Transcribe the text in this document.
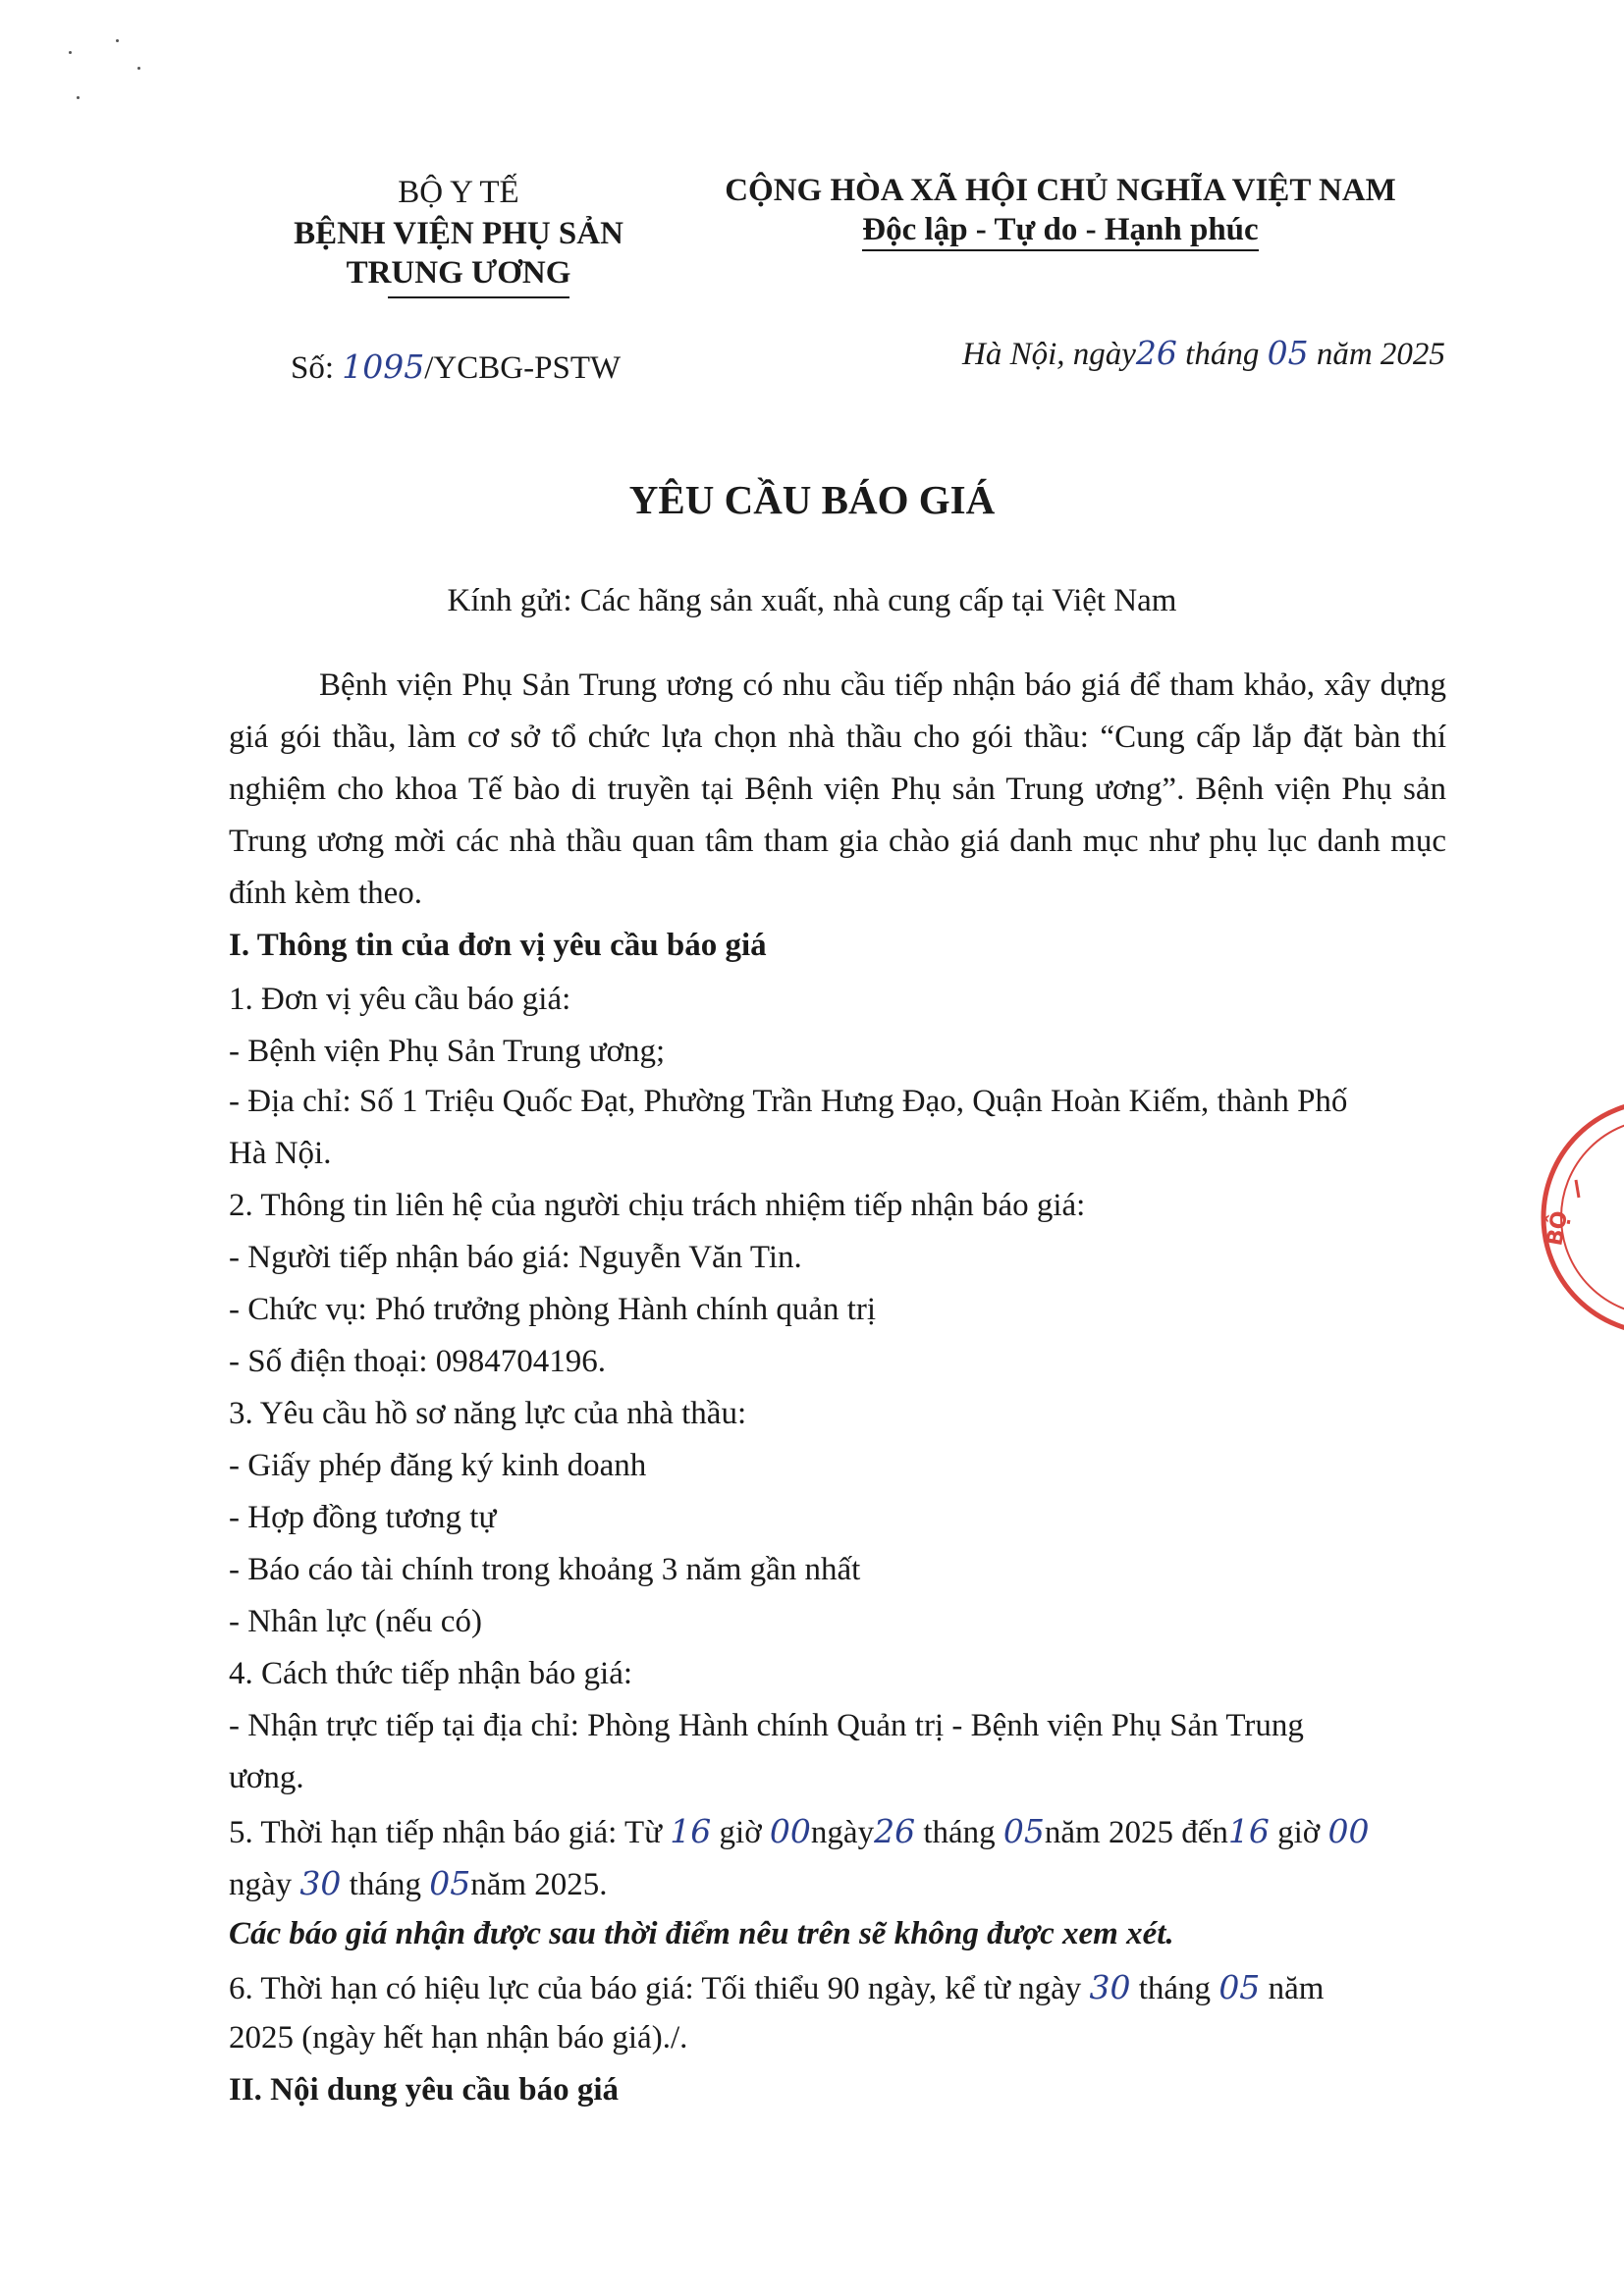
BỘ Y TẾ
BỆNH VIỆN PHỤ SẢN
TRUNG ƯƠNG
CỘNG HÒA XÃ HỘI CHỦ NGHĨA VIỆT NAM
Độc lập - Tự do - Hạnh phúc
Số: 1095/YCBG-PSTW	Hà Nội, ngày26 tháng 05 năm 2025
YÊU CẦU BÁO GIÁ
Kính gửi: Các hãng sản xuất, nhà cung cấp tại Việt Nam
Bệnh viện Phụ Sản Trung ương có nhu cầu tiếp nhận báo giá để tham khảo, xây dựng giá gói thầu, làm cơ sở tổ chức lựa chọn nhà thầu cho gói thầu: “Cung cấp lắp đặt bàn thí nghiệm cho khoa Tế bào di truyền tại Bệnh viện Phụ sản Trung ương”. Bệnh viện Phụ sản Trung ương mời các nhà thầu quan tâm tham gia chào giá danh mục như phụ lục danh mục đính kèm theo.
I. Thông tin của đơn vị yêu cầu báo giá
1. Đơn vị yêu cầu báo giá:
- Bệnh viện Phụ Sản Trung ương;
- Địa chỉ: Số 1 Triệu Quốc Đạt, Phường Trần Hưng Đạo, Quận Hoàn Kiếm, thành Phố
Hà Nội.
2. Thông tin liên hệ của người chịu trách nhiệm tiếp nhận báo giá:
- Người tiếp nhận báo giá: Nguyễn Văn Tin.
- Chức vụ: Phó trưởng phòng Hành chính quản trị
- Số điện thoại: 0984704196.
3. Yêu cầu hồ sơ năng lực của nhà thầu:
- Giấy phép đăng ký kinh doanh
- Hợp đồng tương tự
- Báo cáo tài chính trong khoảng 3 năm gần nhất
- Nhân lực (nếu có)
4. Cách thức tiếp nhận báo giá:
- Nhận trực tiếp tại địa chỉ: Phòng Hành chính Quản trị - Bệnh viện Phụ Sản Trung
ương.
5. Thời hạn tiếp nhận báo giá: Từ 16 giờ 00ngày26 tháng 05năm 2025 đến16 giờ 00
ngày 30 tháng 05năm 2025.
Các báo giá nhận được sau thời điểm nêu trên sẽ không được xem xét.
6. Thời hạn có hiệu lực của báo giá: Tối thiểu 90 ngày, kể từ ngày 30 tháng 05 năm
2025 (ngày hết hạn nhận báo giá)./.
II. Nội dung yêu cầu báo giá
BỘ
